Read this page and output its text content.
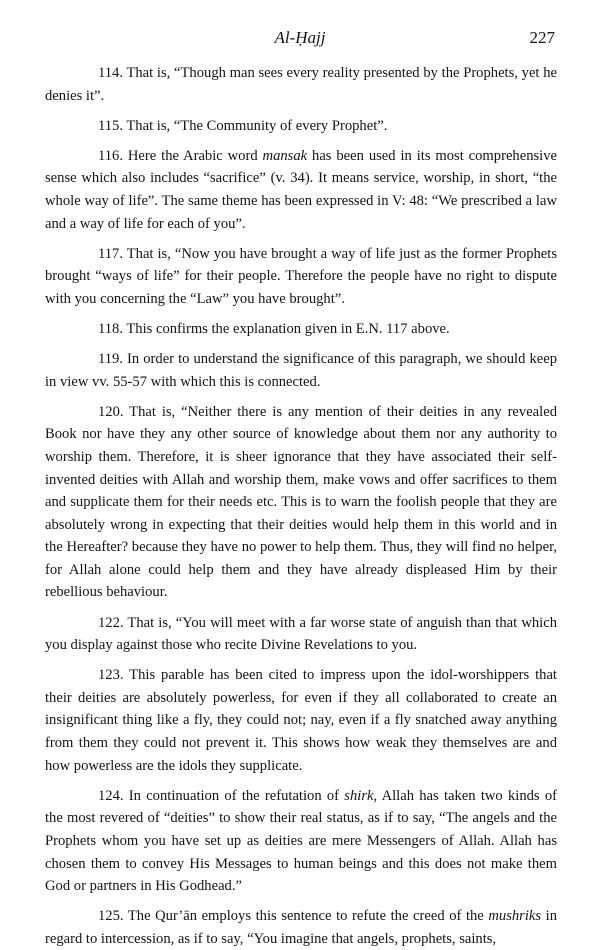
Al-Ḥajj	227

114. That is, “Though man sees every reality presented by the Prophets, yet he denies it”.

115. That is, “The Community of every Prophet”.

116. Here the Arabic word mansak has been used in its most comprehensive sense which also includes “sacrifice” (v. 34). It means service, worship, in short, “the whole way of life”. The same theme has been expressed in V: 48: “We prescribed a law and a way of life for each of you”.

117. That is, “Now you have brought a way of life just as the former Prophets brought “ways of life” for their people. Therefore the people have no right to dispute with you concerning the “Law” you have brought”.

118. This confirms the explanation given in E.N. 117 above.

119. In order to understand the significance of this paragraph, we should keep in view vv. 55-57 with which this is connected.

120. That is, “Neither there is any mention of their deities in any revealed Book nor have they any other source of knowledge about them nor any authority to worship them. Therefore, it is sheer ignorance that they have associated their self-invented deities with Allah and worship them, make vows and offer sacrifices to them and supplicate them for their needs etc. This is to warn the foolish people that they are absolutely wrong in expecting that their deities would help them in this world and in the Hereafter? because they have no power to help them. Thus, they will find no helper, for Allah alone could help them and they have already displeased Him by their rebellious behaviour.

122. That is, “You will meet with a far worse state of anguish than that which you display against those who recite Divine Revelations to you.

123. This parable has been cited to impress upon the idol-worshippers that their deities are absolutely powerless, for even if they all collaborated to create an insignificant thing like a fly, they could not; nay, even if a fly snatched away anything from them they could not prevent it. This shows how weak they themselves are and how powerless are the idols they supplicate.

124. In continuation of the refutation of shirk, Allah has taken two kinds of the most revered of “deities” to show their real status, as if to say, “The angels and the Prophets whom you have set up as deities are mere Messengers of Allah. Allah has chosen them to convey His Messages to human beings and this does not make them God or partners in His Godhead.”

125. The Qur’ān employs this sentence to refute the creed of the mushriks in regard to intercession, as if to say, “You imagine that angels, prophets, saints,
